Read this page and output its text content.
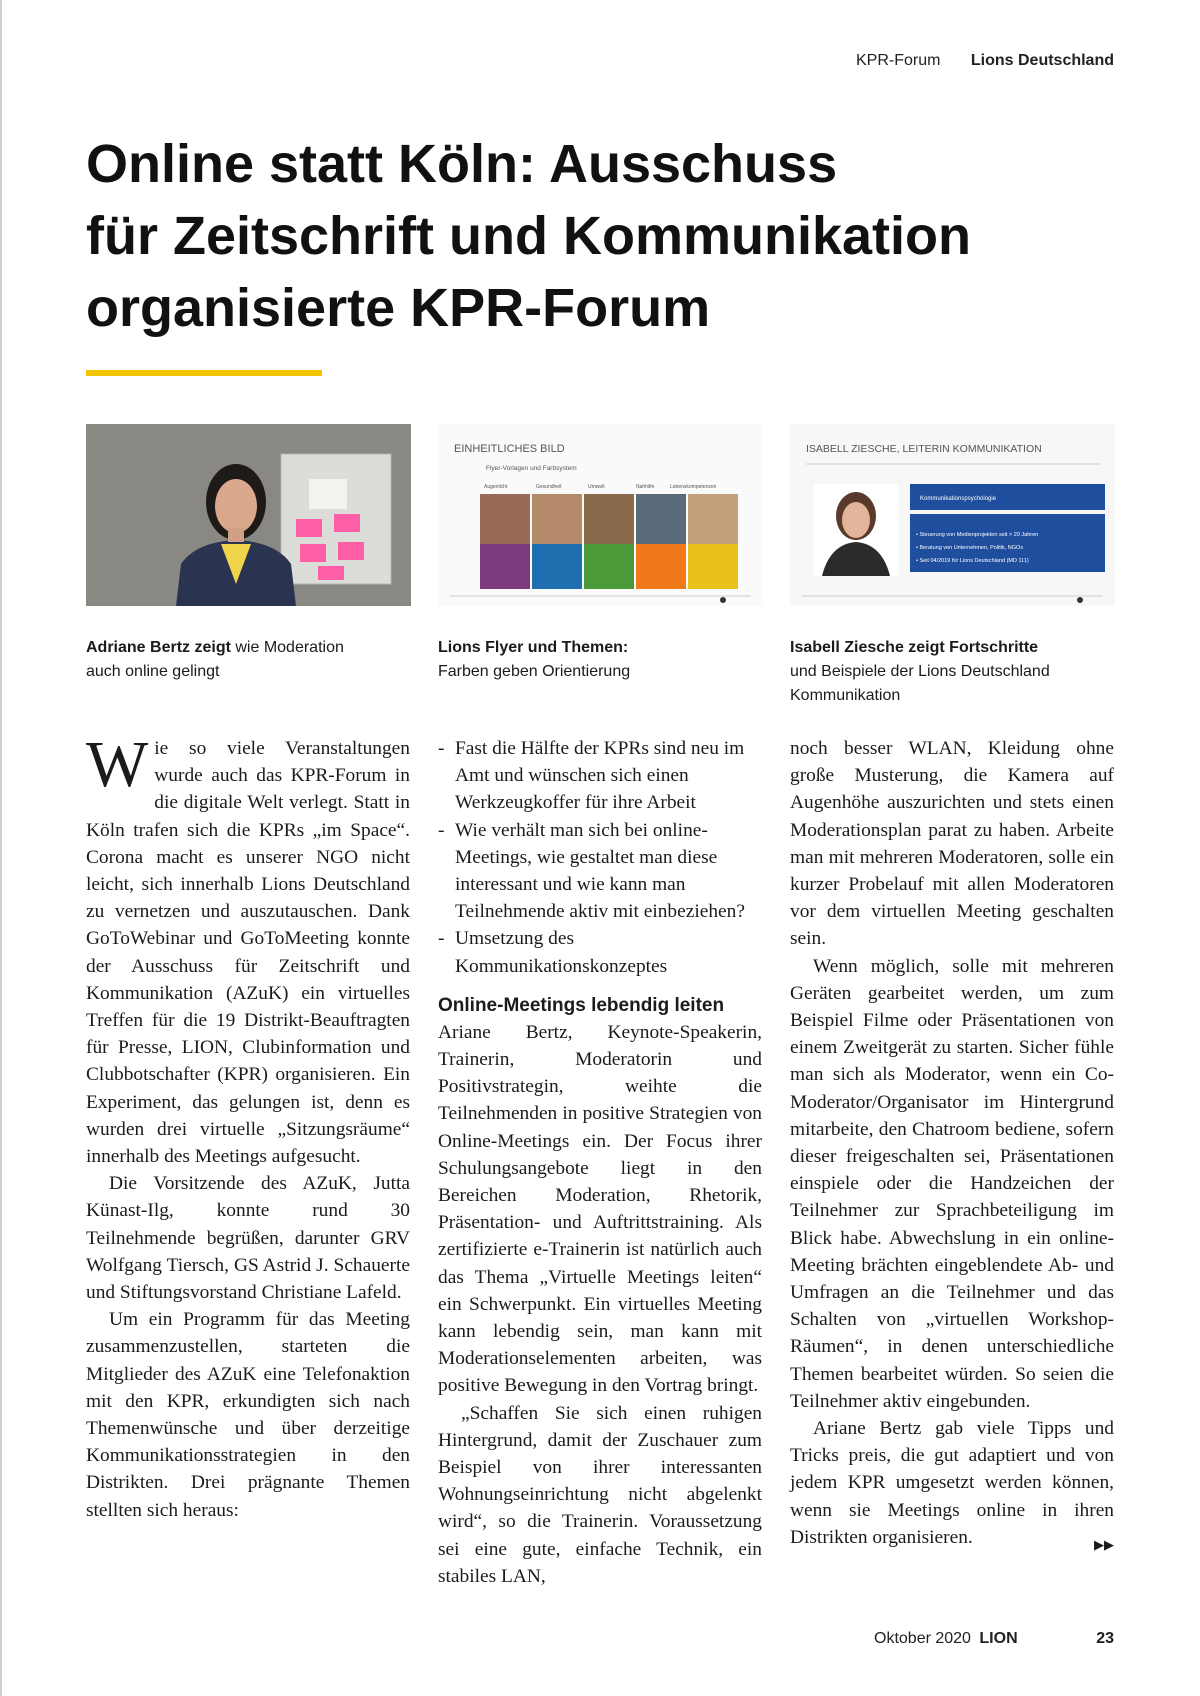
KPR-Forum Lions Deutschland
Online statt Köln: Ausschuss
für Zeitschrift und Kommunikation
organisierte KPR-Forum
EINHEITLICHES BILD
Flyer-Vorlagen und Farbsystem
Augenlicht	Gesundheit	Umwelt	Nahhilfe	Lebenskompetenzen
ISABELL ZIESCHE, LEITERIN KOMMUNIKATION
Kommunikationspsychologie
• Steuerung von Medienprojekten seit > 20 Jahren
• Beratung von Unternehmen, Politik, NGOs
• Seit 04/2019 für Lions Deutschland (MD 111)
Adriane Bertz zeigt wie Moderation
auch online gelingt
Lions Flyer und Themen:
Farben geben Orientierung
Isabell Ziesche zeigt Fortschritte
und Beispiele der Lions Deutschland
Kommunikation

Wie so viele Veranstaltungen wurde auch das KPR-Forum in die digitale Welt verlegt. Statt in Köln trafen sich die KPRs „im Space“. Corona macht es unserer NGO nicht leicht, sich innerhalb Lions Deutschland zu vernetzen und auszutauschen. Dank GoToWebinar und GoToMeeting konnte der Ausschuss für Zeitschrift und Kommunikation (AZuK) ein virtuelles Treffen für die 19 Distrikt-Beauftragten für Presse, LION, Clubinformation und Clubbotschafter (KPR) organisieren. Ein Experiment, das gelungen ist, denn es wurden drei virtuelle „Sitzungsräume“ innerhalb des Meetings aufgesucht.

Die Vorsitzende des AZuK, Jutta Künast-Ilg, konnte rund 30 Teilnehmende begrüßen, darunter GRV Wolfgang Tiersch, GS Astrid J. Schauerte und Stiftungsvorstand Christiane Lafeld.

Um ein Programm für das Meeting zusammenzustellen, starteten die Mitglieder des AZuK eine Telefonaktion mit den KPR, erkundigten sich nach Themenwünsche und über derzeitige Kommunikationsstrategien in den Distrikten. Drei prägnante Themen stellten sich heraus:

- Fast die Hälfte der KPRs sind neu im Amt und wünschen sich einen Werkzeugkoffer für ihre Arbeit
- Wie verhält man sich bei online-Meetings, wie gestaltet man diese interessant und wie kann man Teilnehmende aktiv mit einbeziehen?
- Umsetzung des Kommunikationskonzeptes
Online-Meetings lebendig leiten

Ariane Bertz, Keynote-Speakerin, Trainerin, Moderatorin und Positivstrategin, weihte die Teilnehmenden in positive Strategien von Online-Meetings ein. Der Focus ihrer Schulungsangebote liegt in den Bereichen Moderation, Rhetorik, Präsentation- und Auftrittstraining. Als zertifizierte e-Trainerin ist natürlich auch das Thema „Virtuelle Meetings leiten“ ein Schwerpunkt. Ein virtuelles Meeting kann lebendig sein, man kann mit Moderationselementen arbeiten, was positive Bewegung in den Vortrag bringt.

„Schaffen Sie sich einen ruhigen Hintergrund, damit der Zuschauer zum Beispiel von ihrer interessanten Wohnungseinrichtung nicht abgelenkt wird“, so die Trainerin. Voraussetzung sei eine gute, einfache Technik, ein stabiles LAN,

noch besser WLAN, Kleidung ohne große Musterung, die Kamera auf Augenhöhe auszurichten und stets einen Moderationsplan parat zu haben. Arbeite man mit mehreren Moderatoren, solle ein kurzer Probelauf mit allen Moderatoren vor dem virtuellen Meeting geschalten sein.

Wenn möglich, solle mit mehreren Geräten gearbeitet werden, um zum Beispiel Filme oder Präsentationen von einem Zweitgerät zu starten. Sicher fühle man sich als Moderator, wenn ein Co-Moderator/Organisator im Hintergrund mitarbeite, den Chatroom bediene, sofern dieser freigeschalten sei, Präsentationen einspiele oder die Handzeichen der Teilnehmer zur Sprachbeteiligung im Blick habe. Abwechslung in ein online-Meeting brächten eingeblendete Ab- und Umfragen an die Teilnehmer und das Schalten von „virtuellen Workshop-Räumen“, in denen unterschiedliche Themen bearbeitet würden. So seien die Teilnehmer aktiv eingebunden.

Ariane Bertz gab viele Tipps und Tricks preis, die gut adaptiert und von jedem KPR umgesetzt werden können, wenn sie Meetings online in ihren Distrikten organisieren.	▶▶

Oktober 2020 LION	23
